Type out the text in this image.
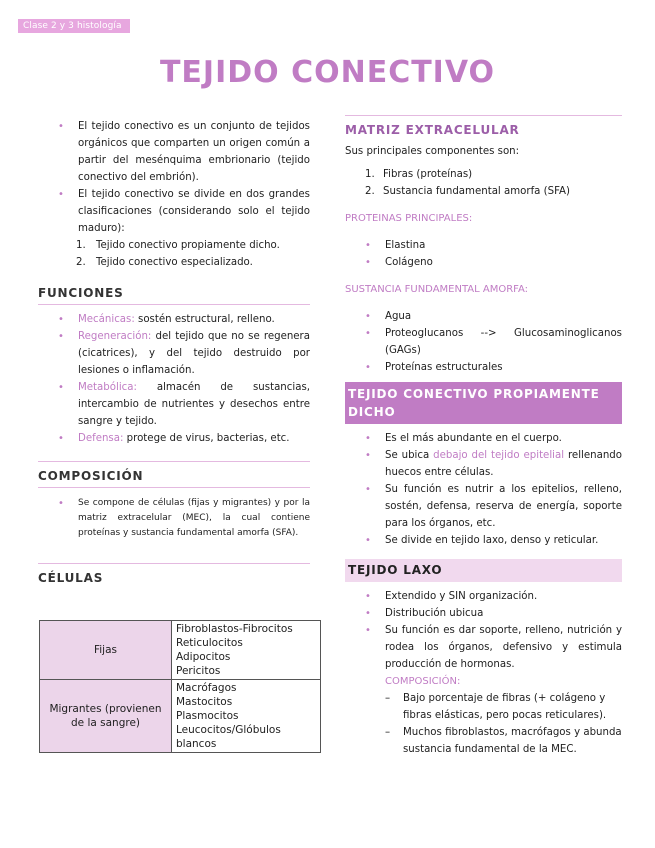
Clase 2 y 3 histología
TEJIDO CONECTIVO
• El tejido conectivo es un conjunto de tejidos orgánicos que comparten un origen común a partir del mesénquima embrionario (tejido conectivo del embrión).
• El tejido conectivo se divide en dos grandes clasificaciones (considerando solo el tejido maduro):
1. Tejido conectivo propiamente dicho.
2. Tejido conectivo especializado.
FUNCIONES
• Mecánicas: sostén estructural, relleno.
• Regeneración: del tejido que no se regenera (cicatrices), y del tejido destruido por lesiones o inflamación.
• Metabólica: almacén de sustancias, intercambio de nutrientes y desechos entre sangre y tejido.
• Defensa: protege de virus, bacterias, etc.
COMPOSICIÓN
• Se compone de células (fijas y migrantes) y por la matriz extracelular (MEC), la cual contiene proteínas y sustancia fundamental amorfa (SFA).
CÉLULAS
Fijas	Fibroblastos-Fibrocitos
Reticulocitos
Adipocitos
Pericitos

Migrantes (provienen de la sangre)	Macrófagos
Mastocitos
Plasmocitos
Leucocitos/Glóbulos blancos
MATRIZ EXTRACELULAR
Sus principales componentes son:
1. Fibras (proteínas)
2. Sustancia fundamental amorfa (SFA)
PROTEINAS PRINCIPALES:
• Elastina
• Colágeno
SUSTANCIA FUNDAMENTAL AMORFA:
• Agua
• Proteoglucanos --> Glucosaminoglicanos (GAGs)
• Proteínas estructurales
TEJIDO CONECTIVO PROPIAMENTE DICHO
• Es el más abundante en el cuerpo.
• Se ubica debajo del tejido epitelial rellenando huecos entre células.
• Su función es nutrir a los epitelios, relleno, sostén, defensa, reserva de energía, soporte para los órganos, etc.
• Se divide en tejido laxo, denso y reticular.
TEJIDO LAXO
• Extendido y SIN organización.
• Distribución ubicua
• Su función es dar soporte, relleno, nutrición y rodea los órganos, defensivo y estimula producción de hormonas.
COMPOSICIÓN:
– Bajo porcentaje de fibras (+ colágeno y fibras elásticas, pero pocas reticulares).
– Muchos fibroblastos, macrófagos y abunda sustancia fundamental de la MEC.
